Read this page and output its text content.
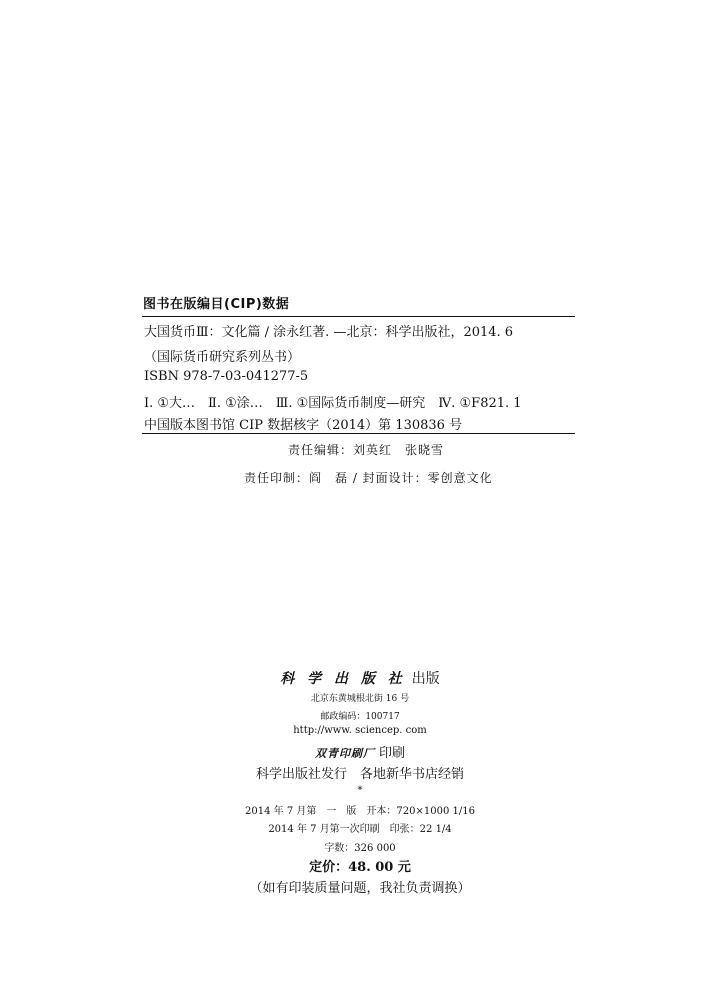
图书在版编目(CIP)数据
大国货币Ⅲ：文化篇 / 涂永红著. —北京：科学出版社，2014. 6
（国际货币研究系列丛书）
ISBN 978-7-03-041277-5
Ⅰ. ①大…　Ⅱ. ①涂…　Ⅲ. ①国际货币制度—研究　Ⅳ. ①F821. 1
中国版本图书馆 CIP 数据核字（2014）第 130836 号
责任编辑：刘英红　张晓雪
责任印制：阎　磊 / 封面设计：零创意文化
科 学 出 版 社 出版
北京东黄城根北街 16 号
邮政编码：100717
http://www. sciencep. com
双青印刷厂 印刷
科学出版社发行　各地新华书店经销
*
2014 年 7 月第　一　版　开本：720×1000 1/16
2014 年 7 月第一次印刷　印张：22 1/4
字数：326 000
定价：48. 00 元
（如有印装质量问题，我社负责调换）
